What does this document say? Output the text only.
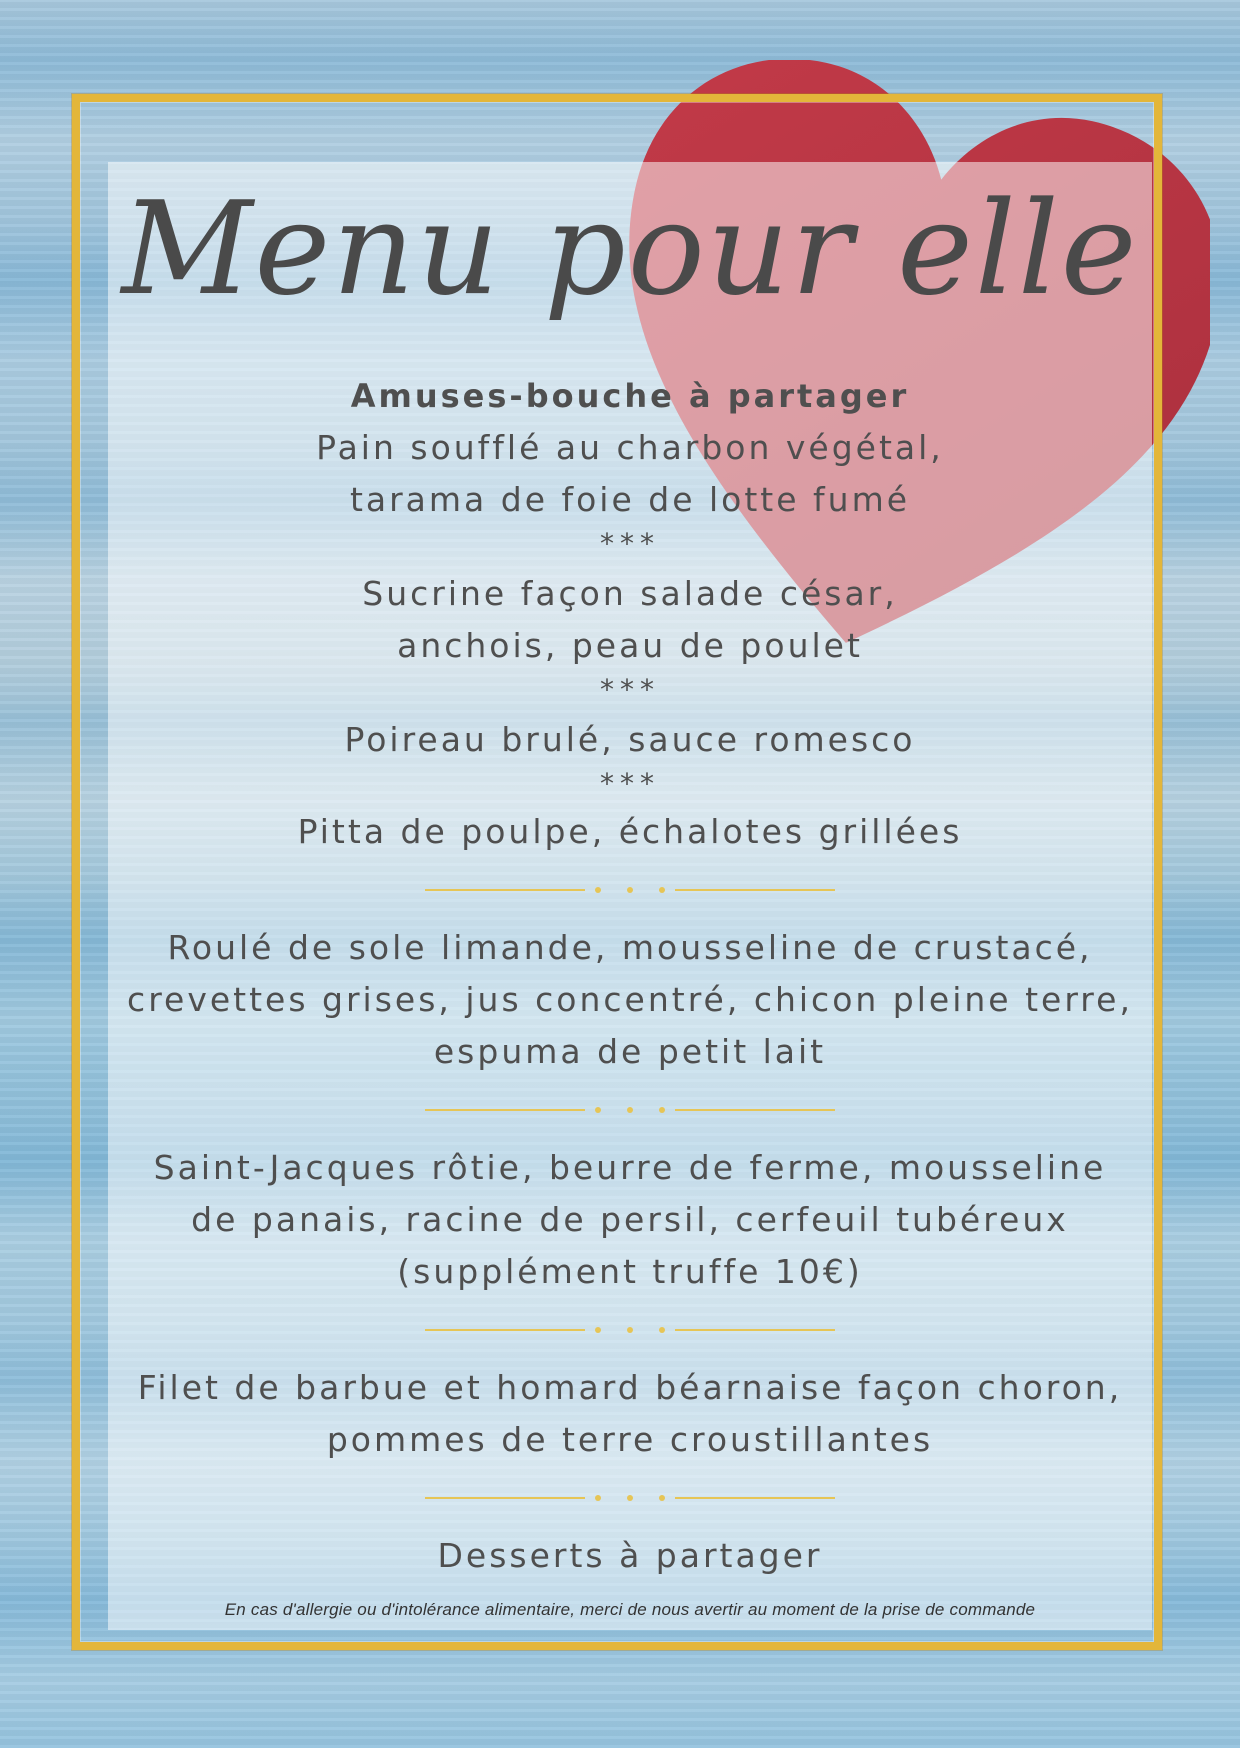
Menu pour elle

Amuses-bouche à partager

Pain soufflé au charbon végétal,

tarama de foie de lotte fumé

***

Sucrine façon salade césar,

anchois, peau de poulet

***

Poireau brulé, sauce romesco

***

Pitta de poulpe, échalotes grillées

Roulé de sole limande, mousseline de crustacé,

crevettes grises, jus concentré, chicon pleine terre,

espuma de petit lait

Saint-Jacques rôtie, beurre de ferme, mousseline

de panais, racine de persil, cerfeuil tubéreux

(supplément truffe 10€)

Filet de barbue et homard béarnaise façon choron,

pommes de terre croustillantes

Desserts à partager

En cas d'allergie ou d'intolérance alimentaire, merci de nous avertir au moment de la prise de commande
